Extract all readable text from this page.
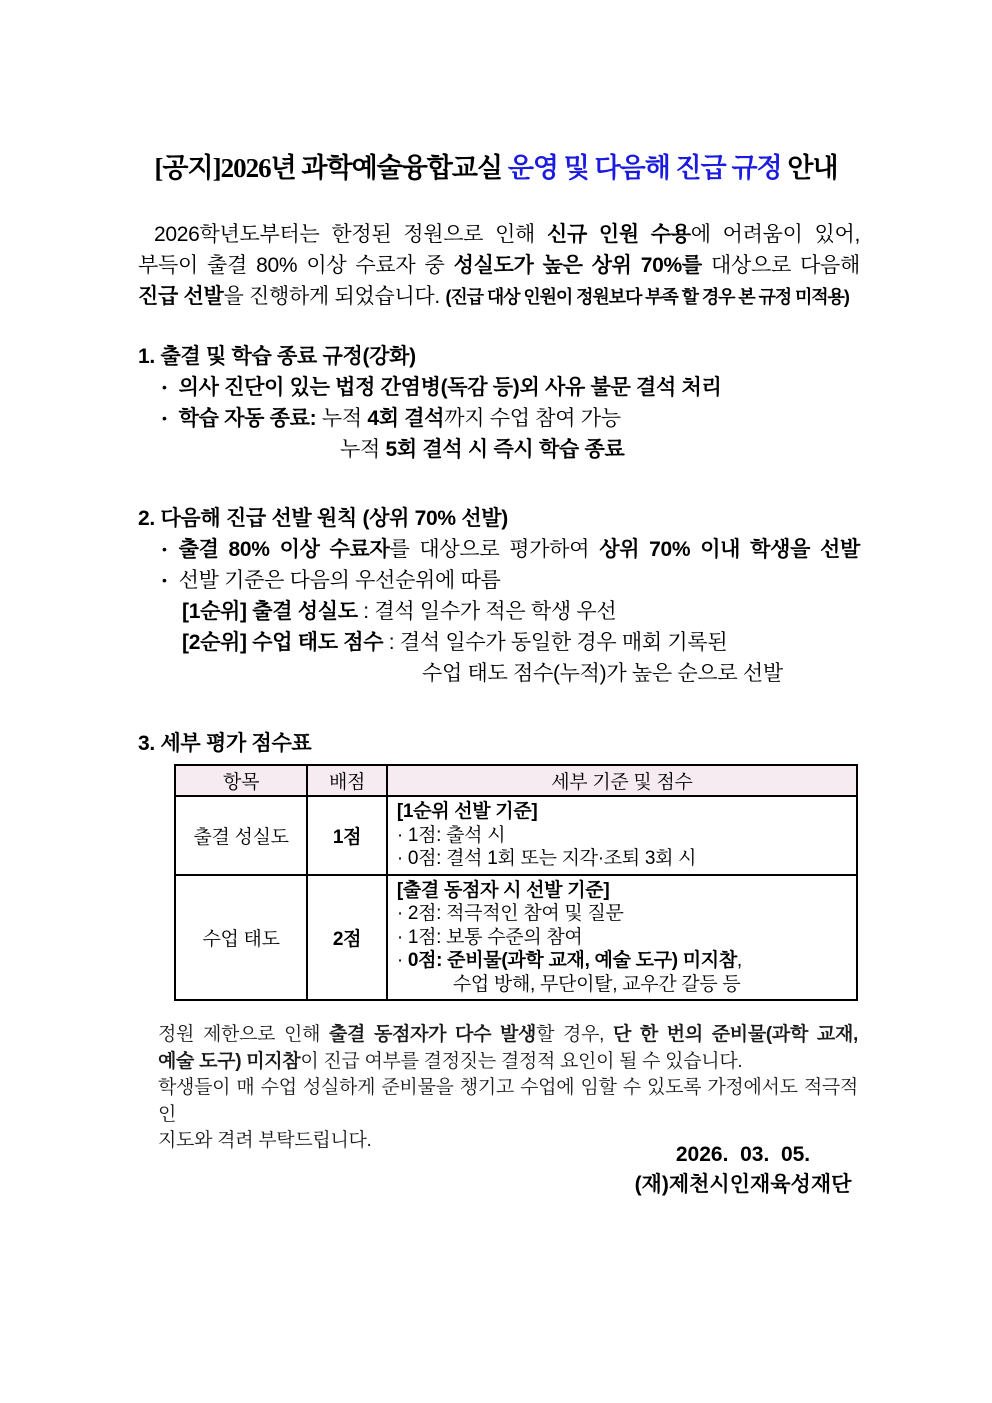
[공지]2026년 과학예술융합교실 운영 및 다음해 진급 규정 안내
2026학년도부터는 한정된 정원으로 인해 신규 인원 수용에 어려움이 있어,
부득이 출결 80% 이상 수료자 중 성실도가 높은 상위 70%를 대상으로 다음해
진급 선발을 진행하게 되었습니다. (진급 대상 인원이 정원보다 부족 할 경우 본 규정 미적용)
1. 출결 및 학습 종료 규정(강화)
• 의사 진단이 있는 법정 간염병(독감 등)외 사유 불문 결석 처리
• 학습 자동 종료: 누적 4회 결석까지 수업 참여 가능
누적 5회 결석 시 즉시 학습 종료
2. 다음해 진급 선발 원칙 (상위 70% 선발)
• 출결 80% 이상 수료자를 대상으로 평가하여 상위 70% 이내 학생을 선발
• 선발 기준은 다음의 우선순위에 따름
[1순위] 출결 성실도 : 결석 일수가 적은 학생 우선
[2순위] 수업 태도 점수 : 결석 일수가 동일한 경우 매회 기록된
수업 태도 점수(누적)가 높은 순으로 선발
3. 세부 평가 점수표
항목	배점	세부 기준 및 점수
출결 성실도	1점	[1순위 선발 기준]
· 1점: 출석 시
· 0점: 결석 1회 또는 지각·조퇴 3회 시

수업 태도	2점	[출결 동점자 시 선발 기준]
· 2점: 적극적인 참여 및 질문
· 1점: 보통 수준의 참여
· 0점: 준비물(과학 교재, 예술 도구) 미지참,
수업 방해, 무단이탈, 교우간 갈등 등
정원 제한으로 인해 출결 동점자가 다수 발생할 경우, 단 한 번의 준비물(과학 교재,
예술 도구) 미지참이 진급 여부를 결정짓는 결정적 요인이 될 수 있습니다.
학생들이 매 수업 성실하게 준비물을 챙기고 수업에 임할 수 있도록 가정에서도 적극적인
지도와 격려 부탁드립니다.
2026.  03.  05.
(재)제천시인재육성재단
